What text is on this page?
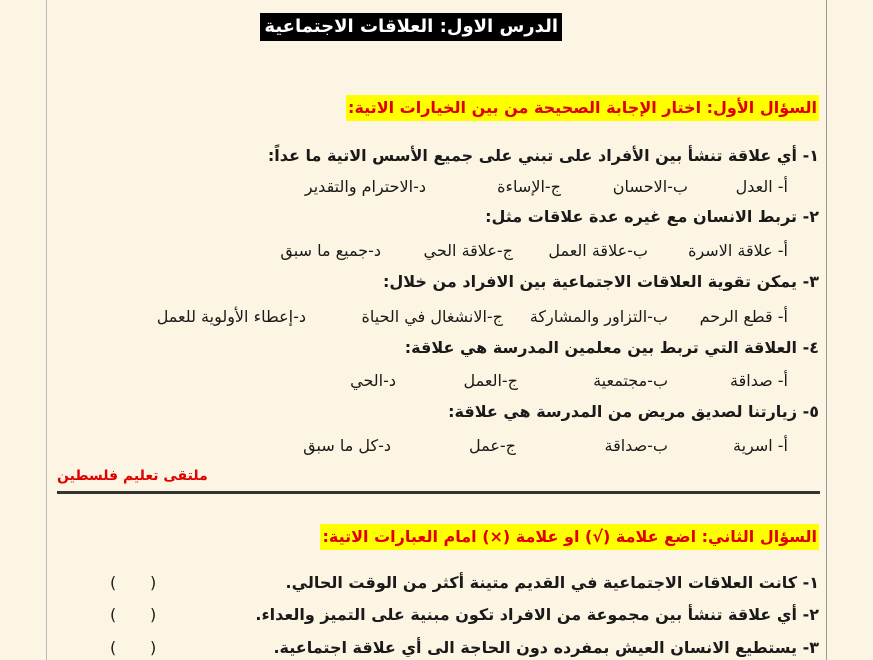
الدرس الاول: العلاقات الاجتماعية
السؤال الأول: اختار الإجابة الصحيحة من بين الخيارات الاتية:
١- أي علاقة تنشأ بين الأفراد على تبني على جميع الأسس الاتية ما عداً:
أ- العدل
ب-الاحسان
ج-الإساءة
د-الاحترام والتقدير
٢- تربط الانسان مع غيره عدة علاقات مثل:
أ- علاقة الاسرة
ب-علاقة العمل
ج-علاقة الحي
د-جميع ما سبق
٣- يمكن تقوية العلاقات الاجتماعية بين الافراد من خلال:
أ- قطع الرحم
ب-التزاور والمشاركة
ج-الانشغال في الحياة
د-إعطاء الأولوية للعمل
٤- العلاقة التي تربط بين معلمين المدرسة هي علاقة:
أ- صداقة
ب-مجتمعية
ج-العمل
د-الحي
٥- زيارتنا لصديق مريض من المدرسة هي علاقة:
أ- اسرية
ب-صداقة
ج-عمل
د-كل ما سبق
ملتقى تعليم فلسطين
السؤال الثاني: اضع علامة (√) او علامة (×) امام العبارات الاتية:
١- كانت العلاقات الاجتماعية في القديم متينة أكثر من الوقت الحالي.
(
)
٢- أي علاقة تنشأ بين مجموعة من الافراد تكون مبنية على التميز والعداء.
(
)
٣- يستطيع الانسان العيش بمفرده دون الحاجة الى أي علاقة اجتماعية.
(
)
